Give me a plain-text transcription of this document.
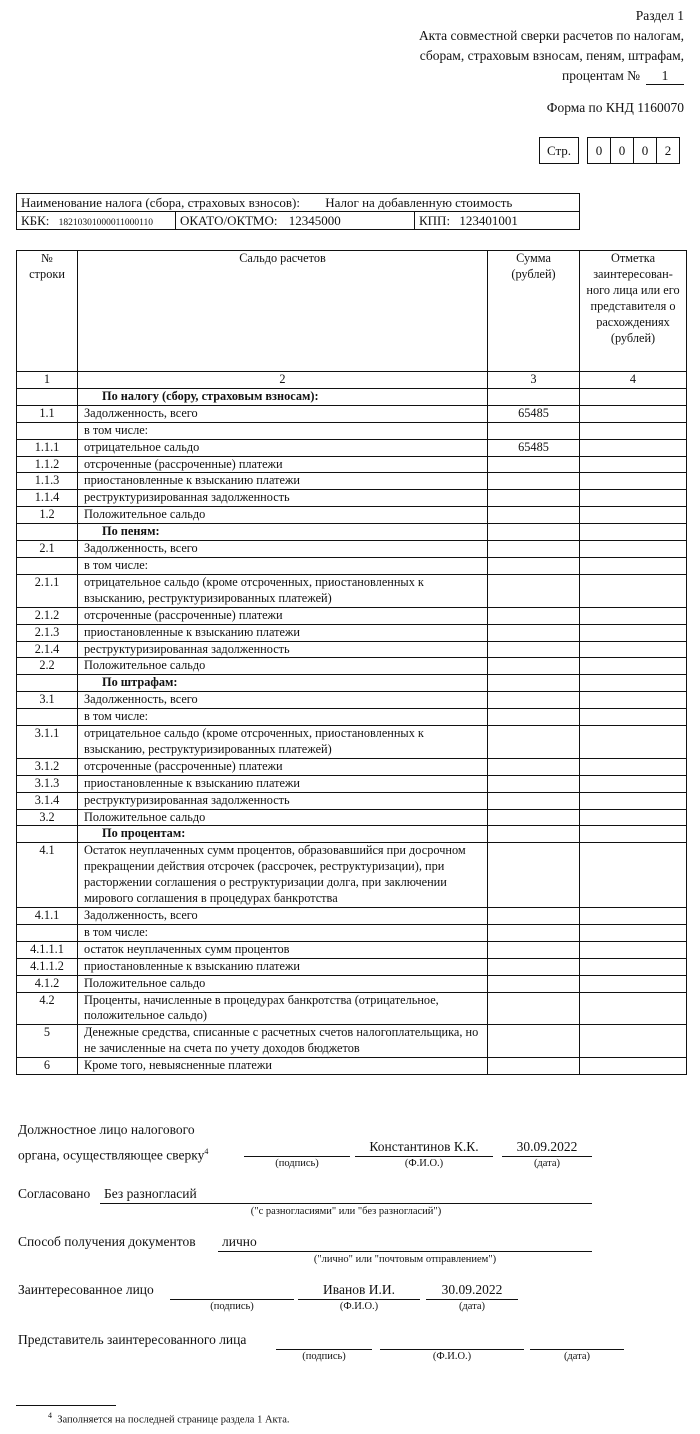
Раздел 1
Акта совместной сверки расчетов по налогам,
сборам, страховым взносам, пеням, штрафам,
процентам № 1
Форма по КНД 1160070
Стр.		0	0	0	2
Наименование налога (сбора, страховых взносов): Налог на добавленную стоимость
КБК: 18210301000011000110	ОКАТО/ОКТМО: 12345000	КПП: 123401001
№ строки	Сальдо расчетов	Сумма (рублей)	Отметка заинтересован-ного лица или его представителя о расхождениях (рублей)
1	2	3	4
	По налогу (сбору, страховым взносам):		
1.1	Задолженность, всего	65485	
	в том числе:		
1.1.1	отрицательное сальдо	65485	
1.1.2	отсроченные (рассроченные) платежи		
1.1.3	приостановленные к взысканию платежи		
1.1.4	реструктуризированная задолженность		
1.2	Положительное сальдо		
	По пеням:		
2.1	Задолженность, всего		
	в том числе:		
2.1.1	отрицательное сальдо (кроме отсроченных, приостановленных к взысканию, реструктуризированных платежей)		
2.1.2	отсроченные (рассроченные) платежи		
2.1.3	приостановленные к взысканию платежи		
2.1.4	реструктуризированная задолженность		
2.2	Положительное сальдо		
	По штрафам:		
3.1	Задолженность, всего		
	в том числе:		
3.1.1	отрицательное сальдо (кроме отсроченных, приостановленных к взысканию, реструктуризированных платежей)		
3.1.2	отсроченные (рассроченные) платежи		
3.1.3	приостановленные к взысканию платежи		
3.1.4	реструктуризированная задолженность		
3.2	Положительное сальдо		
	По процентам:		
4.1	Остаток неуплаченных сумм процентов, образовавшийся при досрочном прекращении действия отсрочек (рассрочек, реструктуризации), при расторжении соглашения о реструктуризации долга, при заключении мирового соглашения в процедурах банкротства		
4.1.1	Задолженность, всего		
	в том числе:		
4.1.1.1	остаток неуплаченных сумм процентов		
4.1.1.2	приостановленные к взысканию платежи		
4.1.2	Положительное сальдо		
4.2	Проценты, начисленные в процедурах банкротства (отрицательное, положительное сальдо)		
5	Денежные средства, списанные с расчетных счетов налогоплательщика, но не зачисленные на счета по учету доходов бюджетов		
6	Кроме того, невыясненные платежи		
Должностное лицо налогового
органа, осуществляющее сверку$^4$	Константинов К.К.	30.09.2022
(подпись)	(Ф.И.О.)	(дата)
Согласовано Без разногласий
("с разногласиями" или "без разногласий")
Способ получения документов лично
("лично" или "почтовым отправлением")
Заинтересованное лицо	Иванов И.И.	30.09.2022
(подпись)	(Ф.И.О.)	(дата)
Представитель заинтересованного лица
(подпись)	(Ф.И.О.)	(дата)
$^4$ Заполняется на последней странице раздела 1 Акта.
